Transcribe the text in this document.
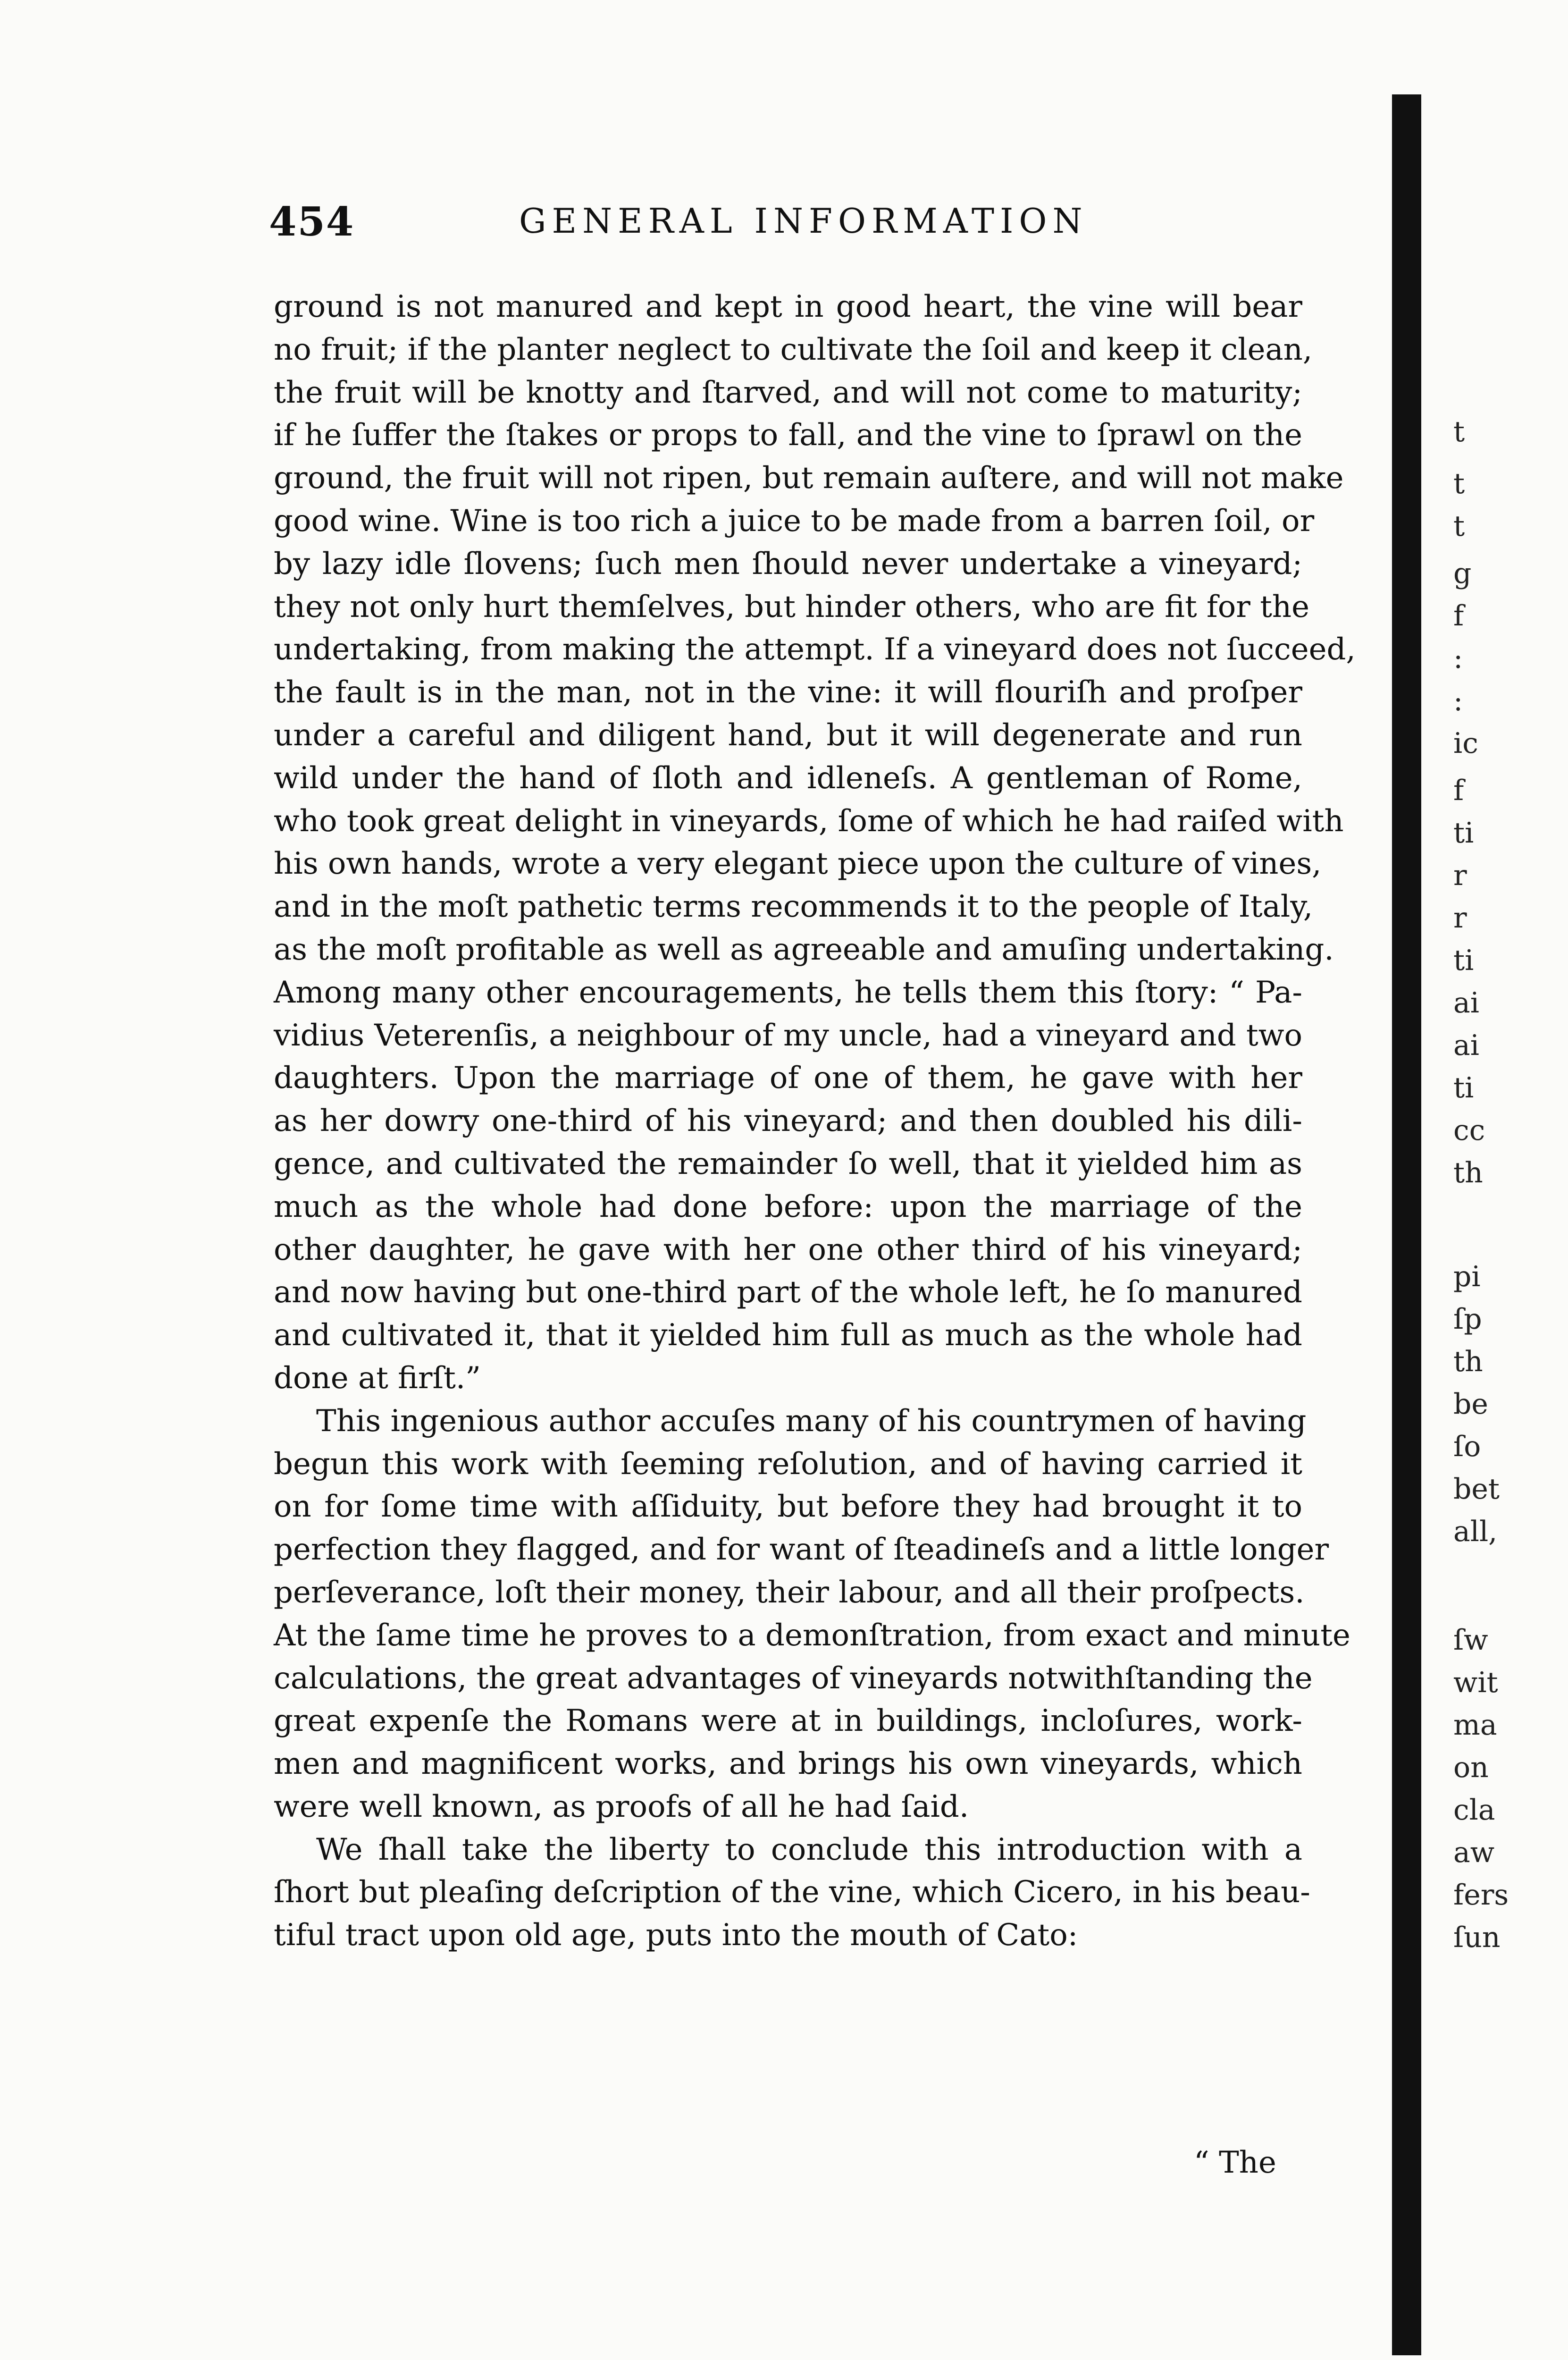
454	GENERAL INFORMATION
ground is not manured and kept in good heart, the vine will bear
no fruit; if the planter neglect to cultivate the ſoil and keep it clean,
the fruit will be knotty and ſtarved, and will not come to maturity;
if he ſuffer the ſtakes or props to fall, and the vine to ſprawl on the
ground, the fruit will not ripen, but remain auſtere, and will not make
good wine. Wine is too rich a juice to be made from a barren ſoil, or
by lazy idle ſlovens; ſuch men ſhould never undertake a vineyard;
they not only hurt themſelves, but hinder others, who are fit for the
undertaking, from making the attempt. If a vineyard does not ſucceed,
the fault is in the man, not in the vine: it will flouriſh and proſper
under a careful and diligent hand, but it will degenerate and run
wild under the hand of ſloth and idleneſs. A gentleman of Rome,
who took great delight in vineyards, ſome of which he had raiſed with
his own hands, wrote a very elegant piece upon the culture of vines,
and in the moſt pathetic terms recommends it to the people of Italy,
as the moſt profitable as well as agreeable and amuſing undertaking.
Among many other encouragements, he tells them this ſtory: “ Pa-
vidius Veterenſis, a neighbour of my uncle, had a vineyard and two
daughters. Upon the marriage of one of them, he gave with her
as her dowry one-third of his vineyard; and then doubled his dili-
gence, and cultivated the remainder ſo well, that it yielded him as
much as the whole had done before: upon the marriage of the
other daughter, he gave with her one other third of his vineyard;
and now having but one-third part of the whole left, he ſo manured
and cultivated it, that it yielded him full as much as the whole had
done at firſt.”
This ingenious author accuſes many of his countrymen of having
begun this work with ſeeming reſolution, and of having carried it
on for ſome time with aſſiduity, but before they had brought it to
perfection they flagged, and for want of ſteadineſs and a little longer
perſeverance, loſt their money, their labour, and all their proſpects.
At the ſame time he proves to a demonſtration, from exact and minute
calculations, the great advantages of vineyards notwithſtanding the
great expenſe the Romans were at in buildings, incloſures, work-
men and magnificent works, and brings his own vineyards, which
were well known, as proofs of all he had ſaid.
We ſhall take the liberty to conclude this introduction with a
ſhort but pleaſing deſcription of the vine, which Cicero, in his beau-
tiful tract upon old age, puts into the mouth of Cato:
“ The
t
t
t
g
f
:
:
ic
f
ti
r
r
ti
ai
ai
ti
cc
th
pi
ſp
th
be
ſo
bet
all,
ſw
wit
ma
on
cla
aw
fers
ſun
